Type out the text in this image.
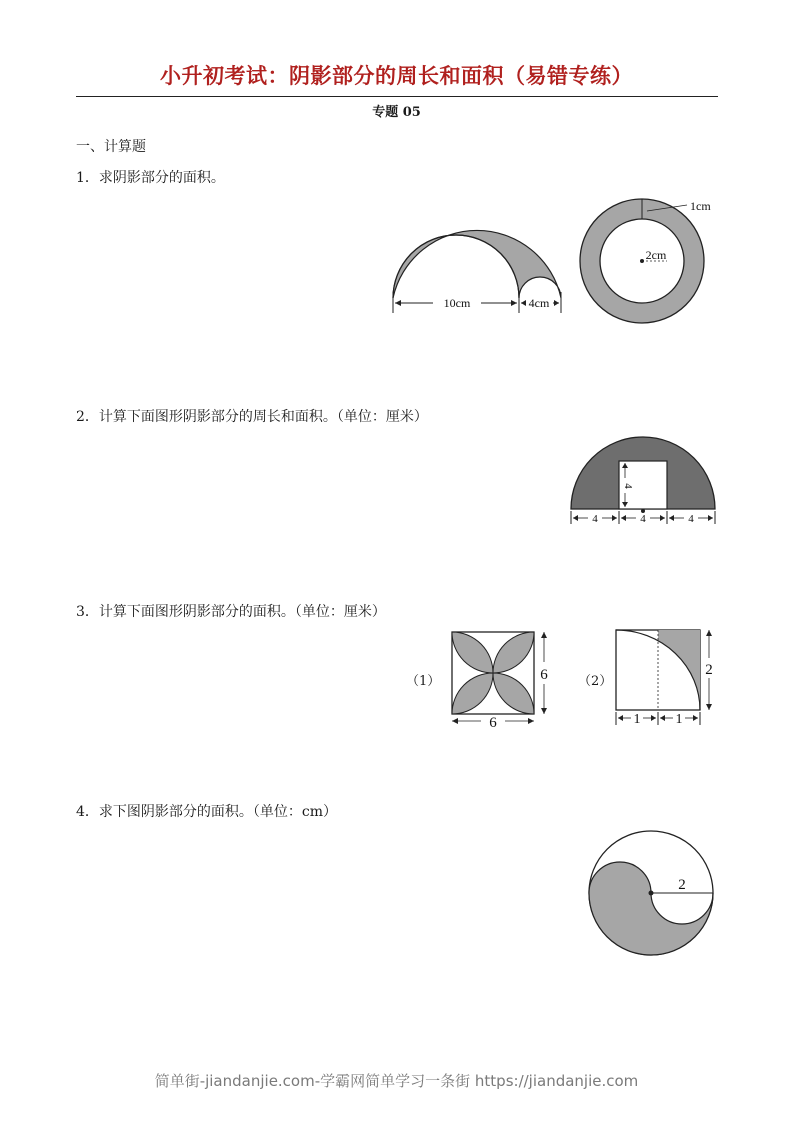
小升初考试：阴影部分的周长和面积（易错专练）
专题 05
一、计算题
1．求阴影部分的面积。
10cm	4cm
1cm
2cm
2．计算下面图形阴影部分的周长和面积。（单位：厘米）
4
4	4	4
3．计算下面图形阴影部分的面积。（单位：厘米）
（1）	6
6
（2）
2
1	1
4．求下图阴影部分的面积。（单位：cm）
2
简单街-jiandanjie.com-学霸网简单学习一条街 https://jiandanjie.com
